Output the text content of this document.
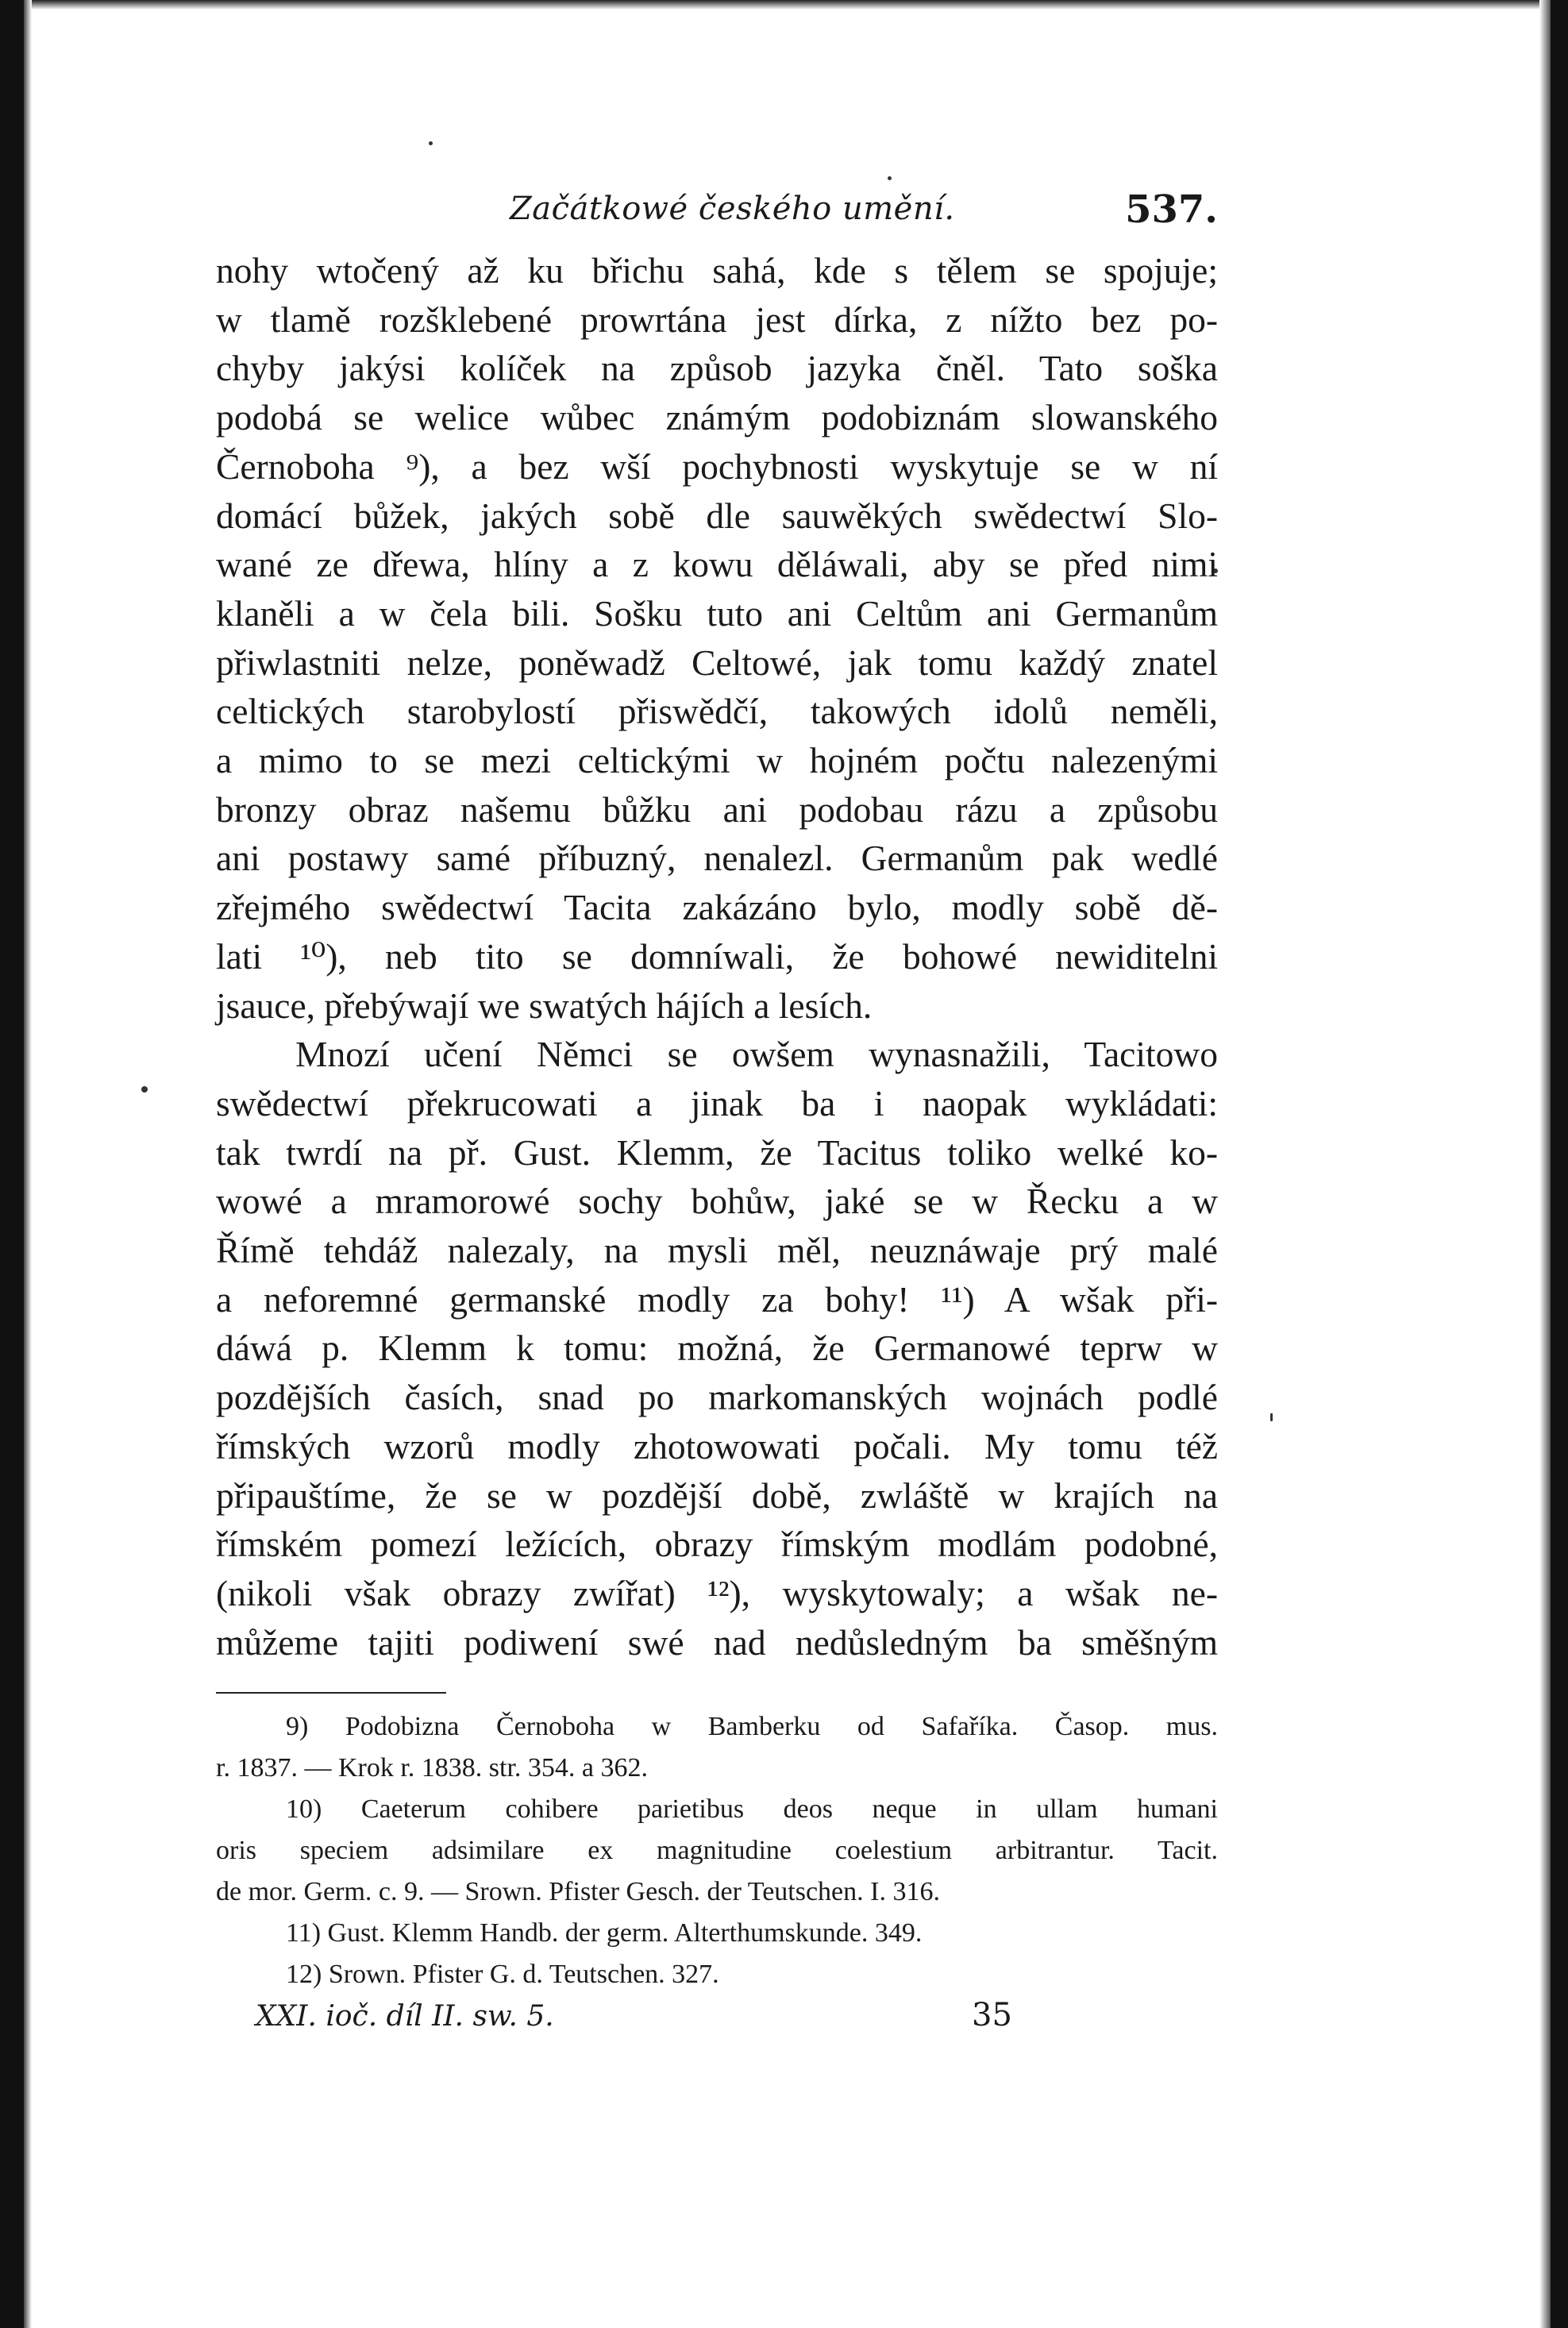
Začátkowé českého umění.	537.
nohy wtočený až ku břichu sahá, kde s tělem se spojuje;
w tlamě rozšklebené prowrtána jest dírka, z nížto bez po-
chyby jakýsi kolíček na způsob jazyka čněl. Tato soška
podobá se welice wůbec známým podobiznám slowanského
Černoboha ⁹), a bez wší pochybnosti wyskytuje se w ní
domácí bůžek, jakých sobě dle sauwěkých swědectwí Slo-
wané ze dřewa, hlíny a z kowu děláwali, aby se před nimi
klaněli a w čela bili. Sošku tuto ani Celtům ani Germanům
přiwlastniti nelze, poněwadž Celtowé, jak tomu každý znatel
celtických starobylostí přiswědčí, takowých idolů neměli,
a mimo to se mezi celtickými w hojném počtu nalezenými
bronzy obraz našemu bůžku ani podobau rázu a způsobu
ani postawy samé příbuzný, nenalezl. Germanům pak wedlé
zřejmého swědectwí Tacita zakázáno bylo, modly sobě dě-
lati ¹⁰), neb tito se domníwali, že bohowé newiditelni
jsauce, přebýwají we swatých hájích a lesích.
Mnozí učení Němci se owšem wynasnažili, Tacitowo
swědectwí překrucowati a jinak ba i naopak wykládati:
tak twrdí na př. Gust. Klemm, že Tacitus toliko welké ko-
wowé a mramorowé sochy bohůw, jaké se w Řecku a w
Římě tehdáž nalezaly, na mysli měl, neuznáwaje prý malé
a neforemné germanské modly za bohy! ¹¹) A wšak při-
dáwá p. Klemm k tomu: možná, že Germanowé teprw w
pozdějších časích, snad po markomanských wojnách podlé
římských wzorů modly zhotowowati počali. My tomu též
připauštíme, že se w pozdější době, zwláště w krajích na
římském pomezí ležících, obrazy římským modlám podobné,
(nikoli však obrazy zwířat) ¹²), wyskytowaly; a wšak ne-
můžeme tajiti podiwení swé nad nedůsledným ba směšným
9) Podobizna Černoboha w Bamberku od Safaříka. Časop. mus.
r. 1837. — Krok r. 1838. str. 354. a 362.
10) Caeterum cohibere parietibus deos neque in ullam humani
oris speciem adsimilare ex magnitudine coelestium arbitrantur. Tacit.
de mor. Germ. c. 9. — Srown. Pfister Gesch. der Teutschen. I. 316.
11) Gust. Klemm Handb. der germ. Alterthumskunde. 349.
12) Srown. Pfister G. d. Teutschen. 327.
XXI. ioč. díl II. sw. 5.	35
